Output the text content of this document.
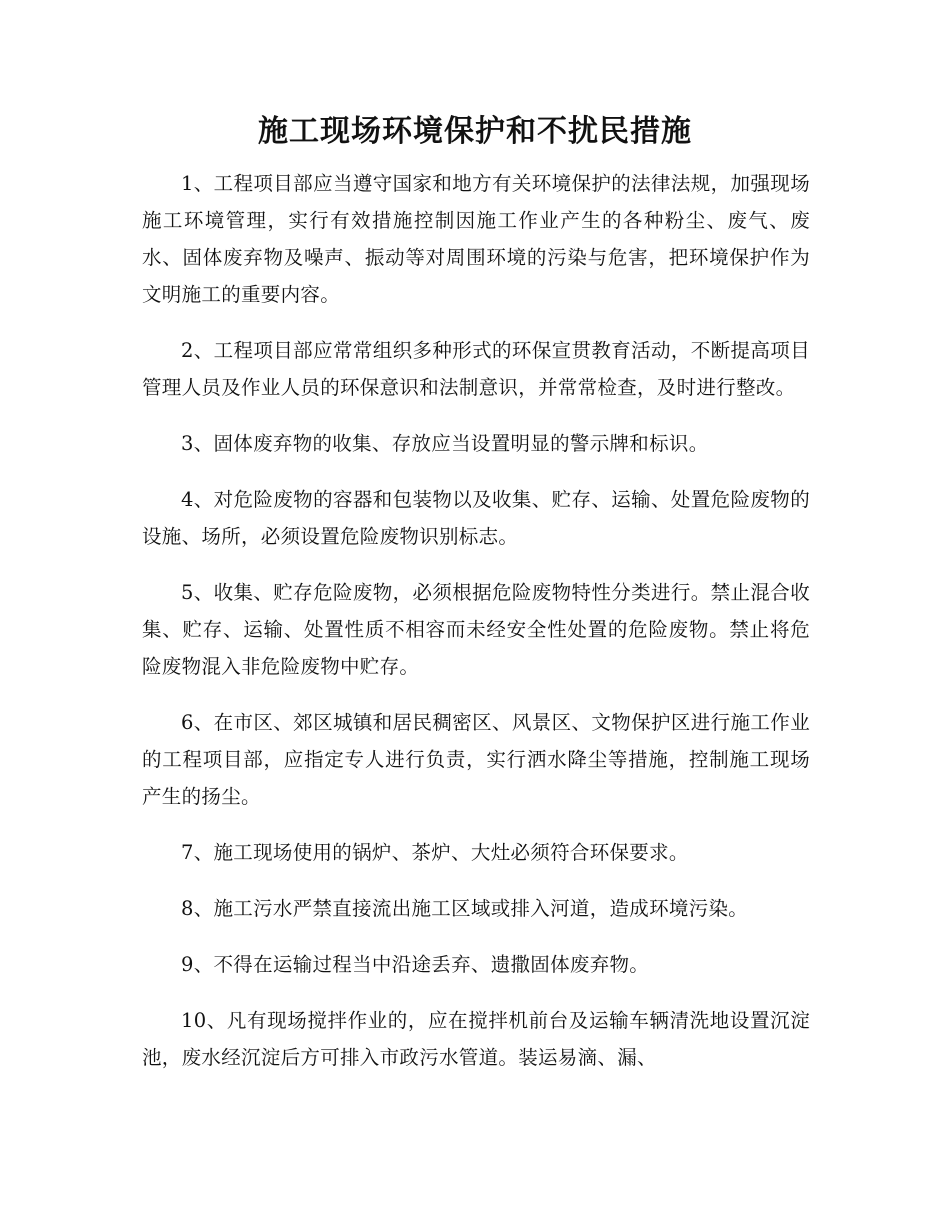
施工现场环境保护和不扰民措施

1、工程项目部应当遵守国家和地方有关环境保护的法律法规，加强现场施工环境管理，实行有效措施控制因施工作业产生的各种粉尘、废气、废水、固体废弃物及噪声、振动等对周围环境的污染与危害，把环境保护作为文明施工的重要内容。

2、工程项目部应常常组织多种形式的环保宣贯教育活动，不断提高项目管理人员及作业人员的环保意识和法制意识，并常常检查，及时进行整改。

3、固体废弃物的收集、存放应当设置明显的警示牌和标识。

4、对危险废物的容器和包装物以及收集、贮存、运输、处置危险废物的设施、场所，必须设置危险废物识别标志。

5、收集、贮存危险废物，必须根据危险废物特性分类进行。禁止混合收集、贮存、运输、处置性质不相容而未经安全性处置的危险废物。禁止将危险废物混入非危险废物中贮存。

6、在市区、郊区城镇和居民稠密区、风景区、文物保护区进行施工作业的工程项目部，应指定专人进行负责，实行洒水降尘等措施，控制施工现场产生的扬尘。

7、施工现场使用的锅炉、茶炉、大灶必须符合环保要求。

8、施工污水严禁直接流出施工区域或排入河道，造成环境污染。

9、不得在运输过程当中沿途丢弃、遗撒固体废弃物。

10、凡有现场搅拌作业的，应在搅拌机前台及运输车辆清洗地设置沉淀池，废水经沉淀后方可排入市政污水管道。装运易滴、漏、
